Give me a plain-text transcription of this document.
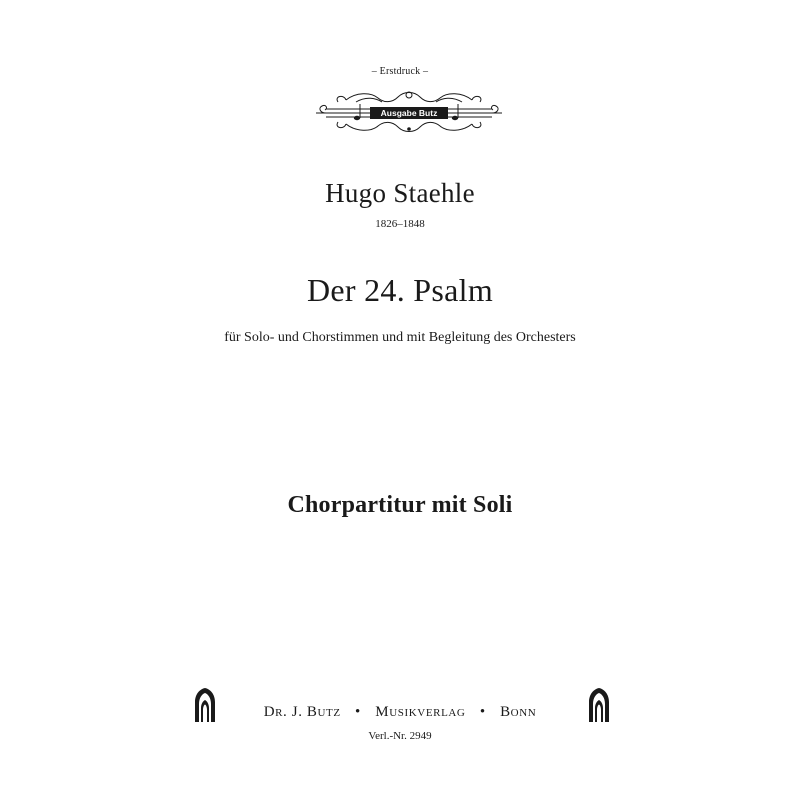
– Erstdruck –
Ausgabe Butz
Hugo Staehle
1826–1848
Der 24. Psalm
für Solo- und Chorstimmen und mit Begleitung des Orchesters
Chorpartitur mit Soli
Dr. J. Butz • Musikverlag • Bonn
Verl.-Nr. 2949
